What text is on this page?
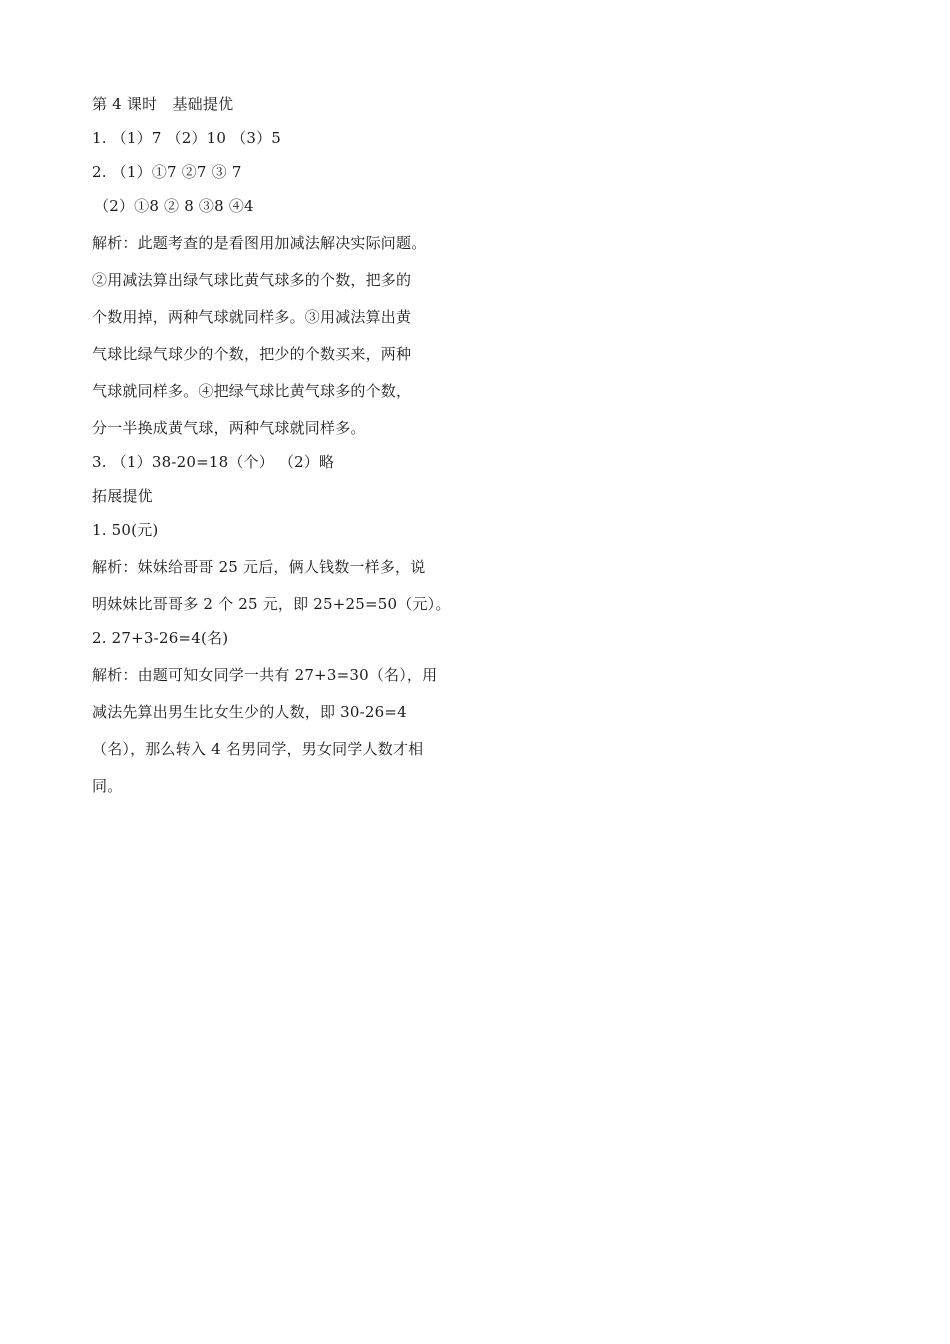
第 4 课时　基础提优
1. （1）7 （2）10 （3）5
2. （1）①7 ②7 ③ 7
（2）①8 ② 8 ③8 ④4
解析：此题考查的是看图用加减法解决实际问题。
②用减法算出绿气球比黄气球多的个数，把多的
个数用掉，两种气球就同样多。③用减法算出黄
气球比绿气球少的个数，把少的个数买来，两种
气球就同样多。④把绿气球比黄气球多的个数，
分一半换成黄气球，两种气球就同样多。
3. （1）38-20=18（个） （2）略
拓展提优
1. 50(元)
解析：妹妹给哥哥 25 元后，俩人钱数一样多，说
明妹妹比哥哥多 2 个 25 元，即 25+25=50（元）。
2. 27+3-26=4(名)
解析：由题可知女同学一共有 27+3=30（名），用
减法先算出男生比女生少的人数，即 30-26=4
（名），那么转入 4 名男同学，男女同学人数才相
同。
